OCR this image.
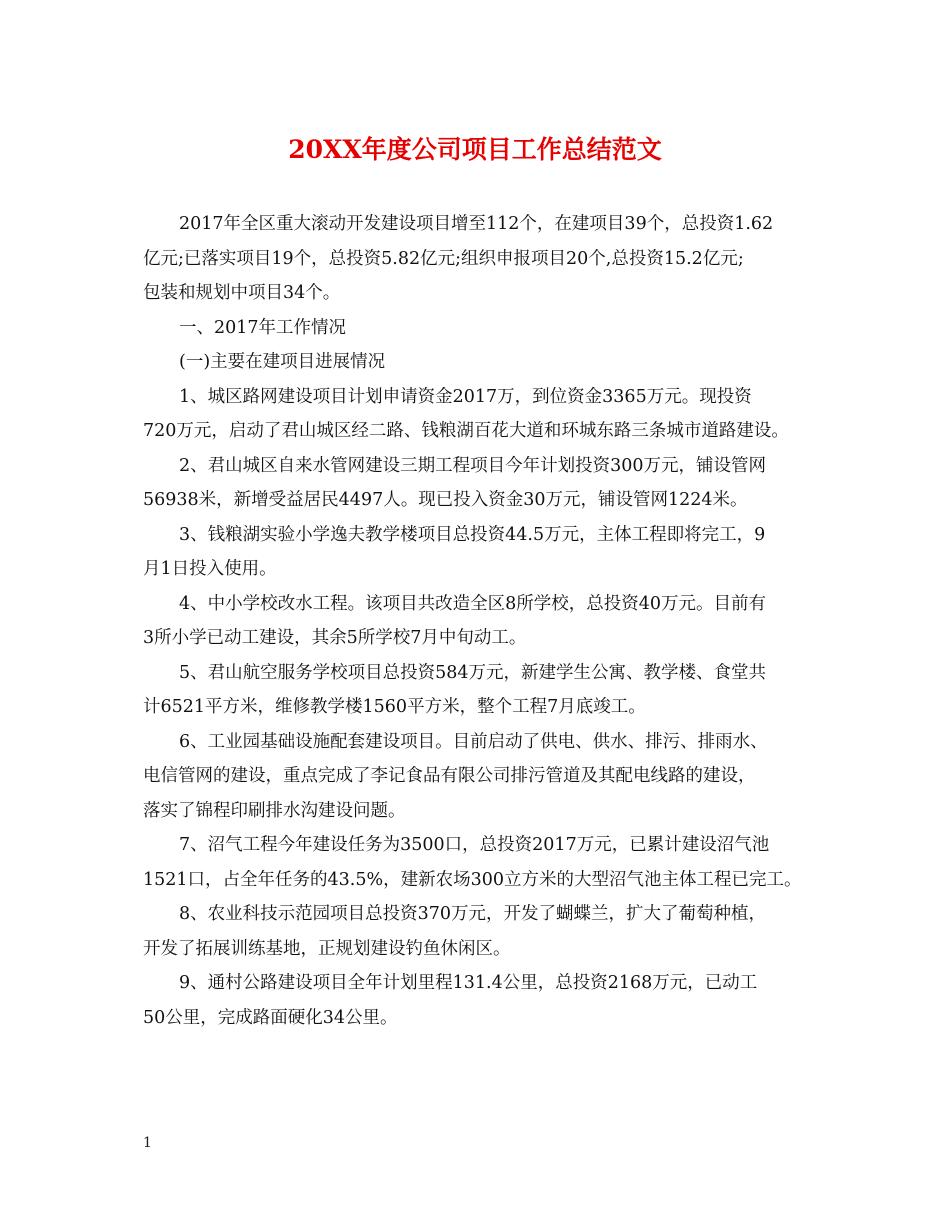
20XX年度公司项目工作总结范文

2017年全区重大滚动开发建设项目增至112个，在建项目39个，总投资1.62
亿元;已落实项目19个，总投资5.82亿元;组织申报项目20个,总投资15.2亿元;
包装和规划中项目34个。

一、2017年工作情况

(一)主要在建项目进展情况

1、城区路网建设项目计划申请资金2017万，到位资金3365万元。现投资
720万元，启动了君山城区经二路、钱粮湖百花大道和环城东路三条城市道路建设。

2、君山城区自来水管网建设三期工程项目今年计划投资300万元，铺设管网
56938米，新增受益居民4497人。现已投入资金30万元，铺设管网1224米。

3、钱粮湖实验小学逸夫教学楼项目总投资44.5万元，主体工程即将完工，9
月1日投入使用。

4、中小学校改水工程。该项目共改造全区8所学校，总投资40万元。目前有
3所小学已动工建设，其余5所学校7月中旬动工。

5、君山航空服务学校项目总投资584万元，新建学生公寓、教学楼、食堂共
计6521平方米，维修教学楼1560平方米，整个工程7月底竣工。

6、工业园基础设施配套建设项目。目前启动了供电、供水、排污、排雨水、
电信管网的建设，重点完成了李记食品有限公司排污管道及其配电线路的建设，
落实了锦程印刷排水沟建设问题。

7、沼气工程今年建设任务为3500口，总投资2017万元，已累计建设沼气池
1521口，占全年任务的43.5%，建新农场300立方米的大型沼气池主体工程已完工。

8、农业科技示范园项目总投资370万元，开发了蝴蝶兰，扩大了葡萄种植，
开发了拓展训练基地，正规划建设钓鱼休闲区。

9、通村公路建设项目全年计划里程131.4公里，总投资2168万元，已动工
50公里，完成路面硬化34公里。

1
